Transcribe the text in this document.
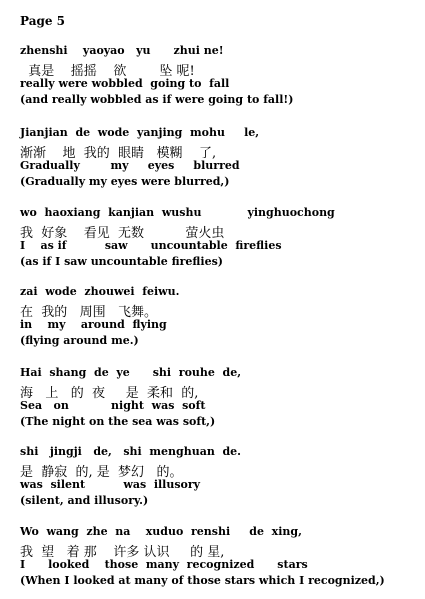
Page 5
zhenshi    yaoyao   yu      zhui ne!
真是    摇摇    欲        坠 呢!
really were wobbled  going to  fall
(and really wobbled as if were going to fall!)
Jianjian  de  wode  yanjing  mohu     le,
渐渐    地  我的  眼睛   模糊    了,
Gradually        my     eyes     blurred
(Gradually my eyes were blurred,)
wo  haoxiang  kanjian  wushu            yinghuochong
我  好象    看见  无数          萤火虫
I    as if          saw      uncountable  fireflies
(as if I saw uncountable fireflies)
zai  wode  zhouwei  feiwu.
在  我的   周围   飞舞。
in    my    around  flying
(flying around me.)
Hai  shang  de  ye      shi  rouhe  de,
海   上   的  夜     是  柔和  的,
Sea   on           night  was  soft
(The night on the sea was soft,)
shi   jingji   de,   shi  menghuan  de.
是  静寂  的, 是  梦幻   的。
was  silent          was  illusory
(silent, and illusory.)
Wo  wang  zhe  na    xuduo  renshi     de  xing,
我  望   着 那    许多 认识     的 星,
I      looked    those  many  recognized      stars
(When I looked at many of those stars which I recognized,)
